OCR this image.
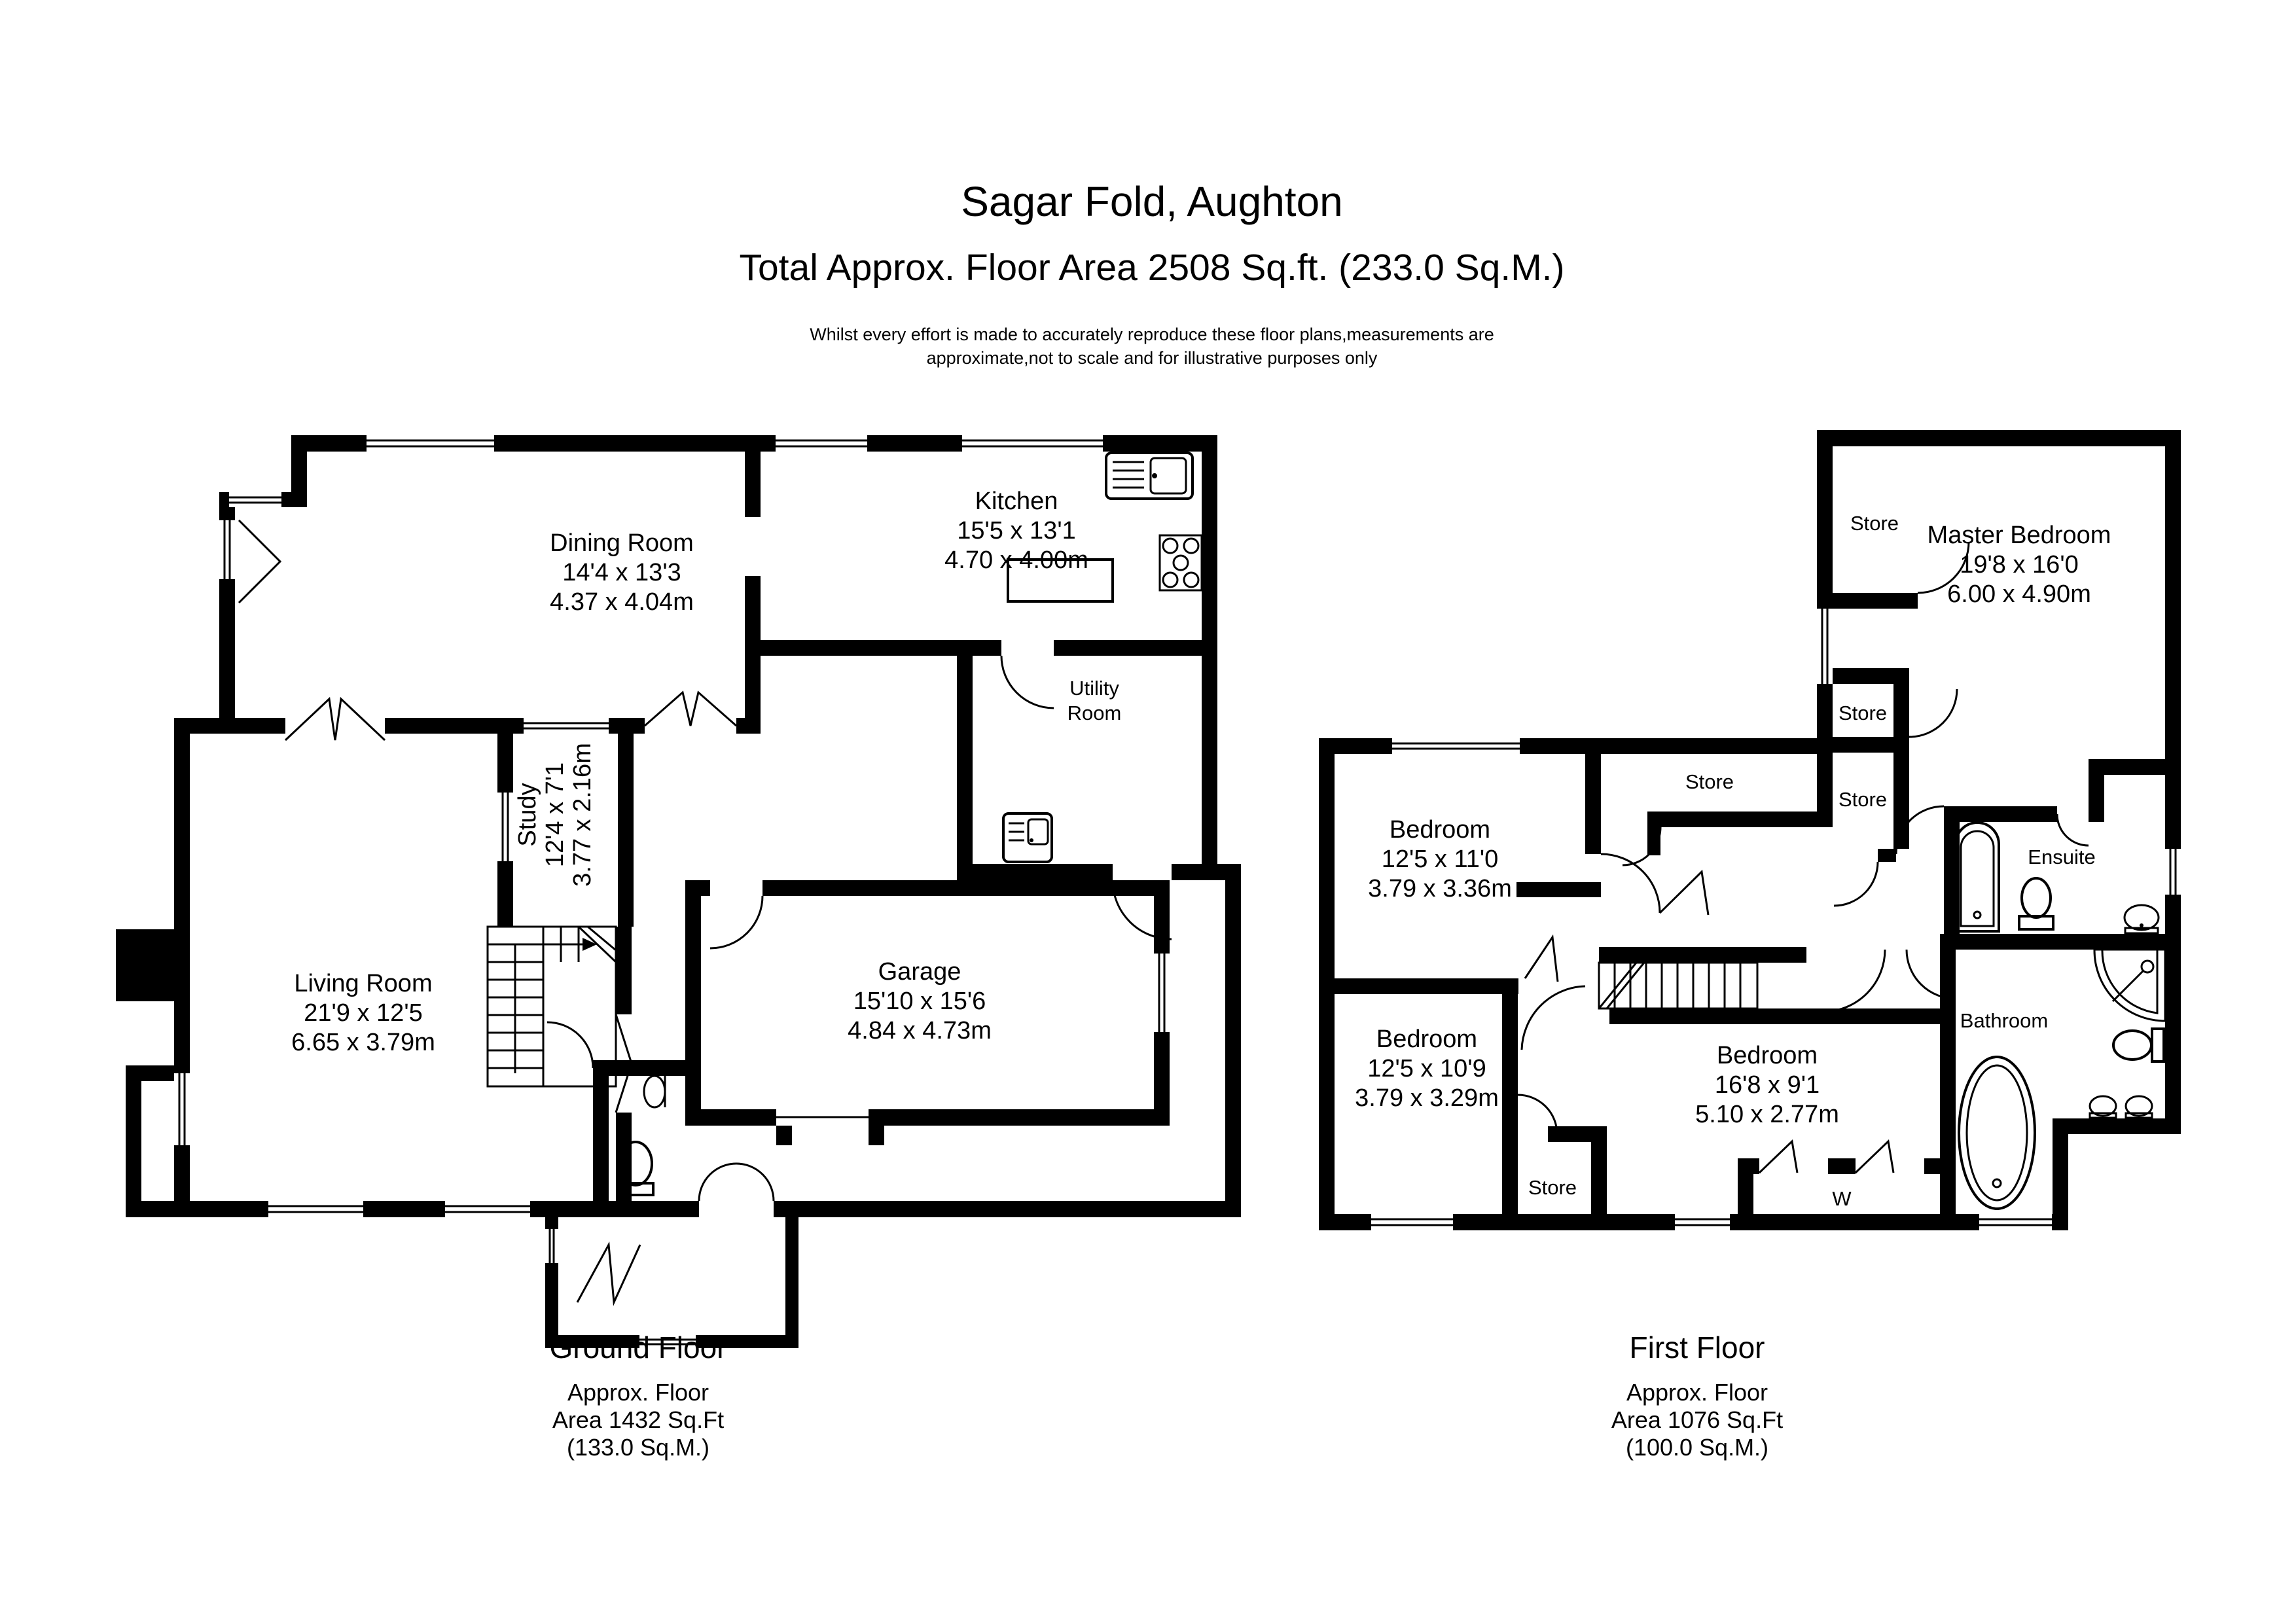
Sagar Fold, Aughton
Total Approx. Floor Area 2508 Sq.ft. (233.0 Sq.M.)
Whilst every effort is made to accurately reproduce these floor plans,measurements are
approximate,not to scale and for illustrative purposes only
Living Room
21'9 x 12'5
6.65 x 3.79m
Study 12'4 x 7'1 3.77 x 2.16m
Dining Room
14'4 x 13'3
4.37 x 4.04m
Kitchen
15'5 x 13'1
4.70 x 4.00m
Utility
Room
Garage
15'10 x 15'6
4.84 x 4.73m
Ground Floor
Approx. Floor
Area 1432 Sq.Ft
(133.0 Sq.M.)
Master Bedroom
19'8 x 16'0
6.00 x 4.90m
Bedroom
12'5 x 11'0
3.79 x 3.36m
Bedroom
12'5 x 10'9
3.79 x 3.29m
Bedroom
16'8 x 9'1
5.10 x 2.77m
Ensuite
Bathroom
W
Store
Store
Store
Store
Store
First Floor
Approx. Floor
Area 1076 Sq.Ft
(100.0 Sq.M.)
